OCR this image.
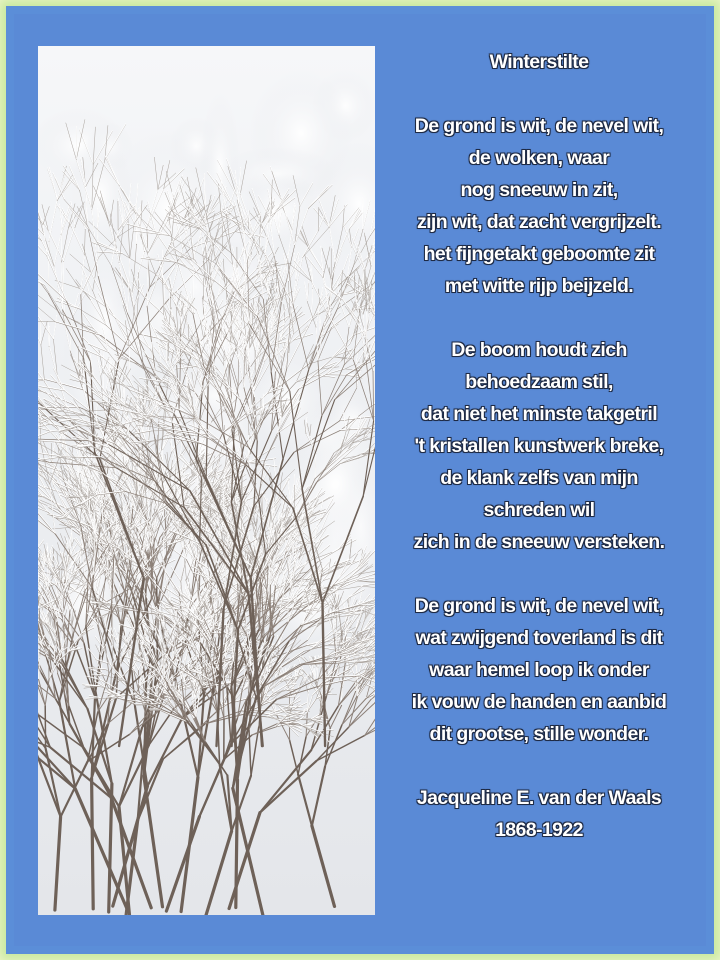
Winterstilte
De grond is wit, de nevel wit,
de wolken, waar
nog sneeuw in zit,
zijn wit, dat zacht vergrijzelt.
het fijngetakt geboomte zit
met witte rijp beijzeld.
De boom houdt zich
behoedzaam stil,
dat niet het minste takgetril
't kristallen kunstwerk breke,
de klank zelfs van mijn
schreden wil
zich in de sneeuw versteken.
De grond is wit, de nevel wit,
wat zwijgend toverland is dit
waar hemel loop ik onder
ik vouw de handen en aanbid
dit grootse, stille wonder.
Jacqueline E. van der Waals
1868-1922
